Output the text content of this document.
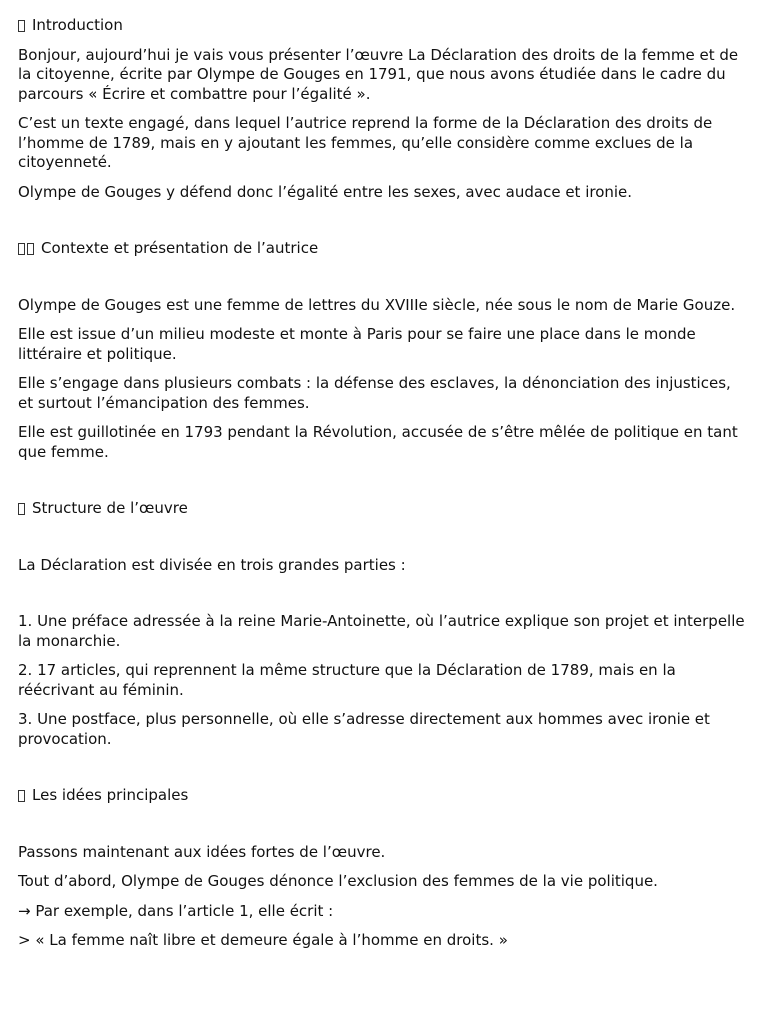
Introduction

Bonjour, aujourd’hui je vais vous présenter l’œuvre La Déclaration des droits de la femme et de la citoyenne, écrite par Olympe de Gouges en 1791, que nous avons étudiée dans le cadre du parcours « Écrire et combattre pour l’égalité ».

C’est un texte engagé, dans lequel l’autrice reprend la forme de la Déclaration des droits de l’homme de 1789, mais en y ajoutant les femmes, qu’elle considère comme exclues de la citoyenneté.

Olympe de Gouges y défend donc l’égalité entre les sexes, avec audace et ironie.

Contexte et présentation de l’autrice

Olympe de Gouges est une femme de lettres du XVIIIe siècle, née sous le nom de Marie Gouze.

Elle est issue d’un milieu modeste et monte à Paris pour se faire une place dans le monde littéraire et politique.

Elle s’engage dans plusieurs combats : la défense des esclaves, la dénonciation des injustices, et surtout l’émancipation des femmes.

Elle est guillotinée en 1793 pendant la Révolution, accusée de s’être mêlée de politique en tant que femme.

Structure de l’œuvre

La Déclaration est divisée en trois grandes parties :

1. Une préface adressée à la reine Marie-Antoinette, où l’autrice explique son projet et interpelle la monarchie.

2. 17 articles, qui reprennent la même structure que la Déclaration de 1789, mais en la réécrivant au féminin.

3. Une postface, plus personnelle, où elle s’adresse directement aux hommes avec ironie et provocation.

Les idées principales

Passons maintenant aux idées fortes de l’œuvre.

Tout d’abord, Olympe de Gouges dénonce l’exclusion des femmes de la vie politique.

→ Par exemple, dans l’article 1, elle écrit :

> « La femme naît libre et demeure égale à l’homme en droits. »
